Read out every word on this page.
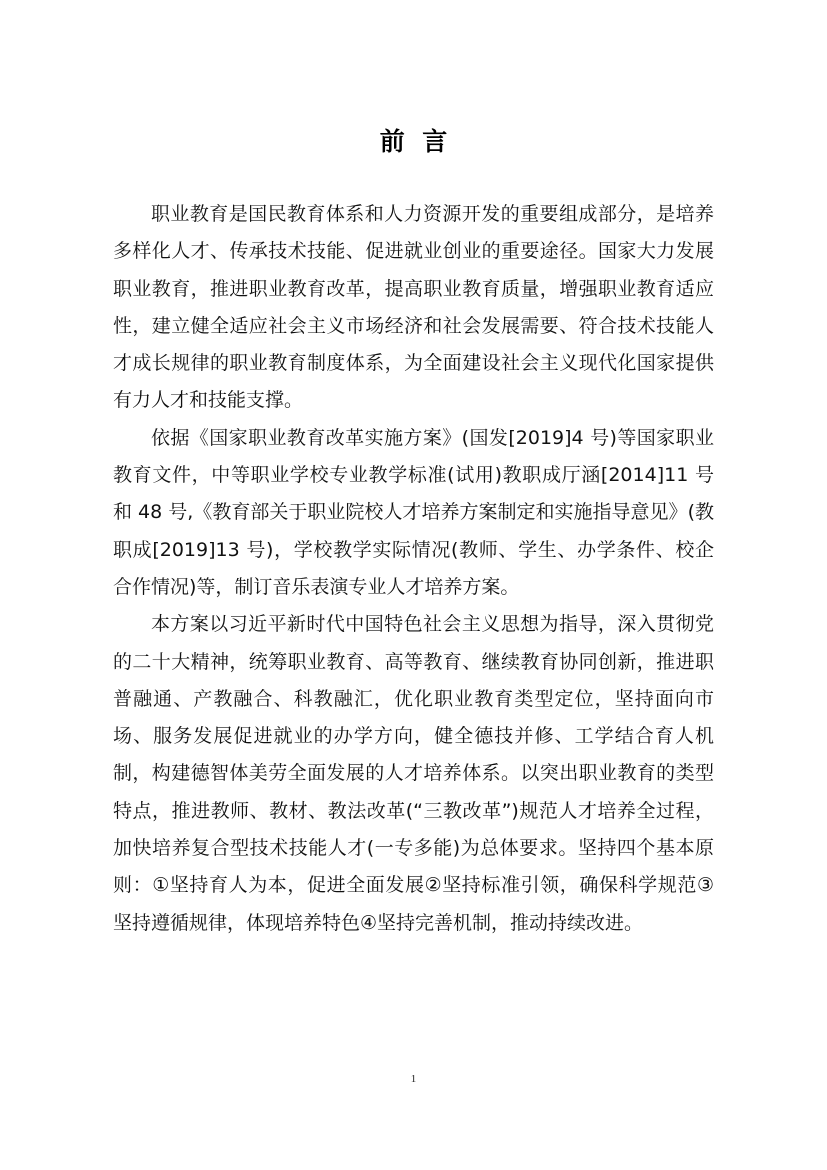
前  言

职业教育是国民教育体系和人力资源开发的重要组成部分，是培养多样化人才、传承技术技能、促进就业创业的重要途径。国家大力发展职业教育，推进职业教育改革，提高职业教育质量，增强职业教育适应性，建立健全适应社会主义市场经济和社会发展需要、符合技术技能人才成长规律的职业教育制度体系，为全面建设社会主义现代化国家提供有力人才和技能支撑。

依据《国家职业教育改革实施方案》(国发[2019]4 号)等国家职业教育文件，中等职业学校专业教学标准(试用)教职成厅涵[2014]11 号和 48 号,《教育部关于职业院校人才培养方案制定和实施指导意见》(教职成[2019]13 号)，学校教学实际情况(教师、学生、办学条件、校企合作情况)等，制订音乐表演专业人才培养方案。

本方案以习近平新时代中国特色社会主义思想为指导，深入贯彻党的二十大精神，统筹职业教育、高等教育、继续教育协同创新，推进职普融通、产教融合、科教融汇，优化职业教育类型定位，坚持面向市场、服务发展促进就业的办学方向，健全德技并修、工学结合育人机制，构建德智体美劳全面发展的人才培养体系。以突出职业教育的类型特点，推进教师、教材、教法改革(“三教改革”)规范人才培养全过程，加快培养复合型技术技能人才(一专多能)为总体要求。坚持四个基本原则：①坚持育人为本，促进全面发展②坚持标准引领，确保科学规范③坚持遵循规律，体现培养特色④坚持完善机制，推动持续改进。

1
